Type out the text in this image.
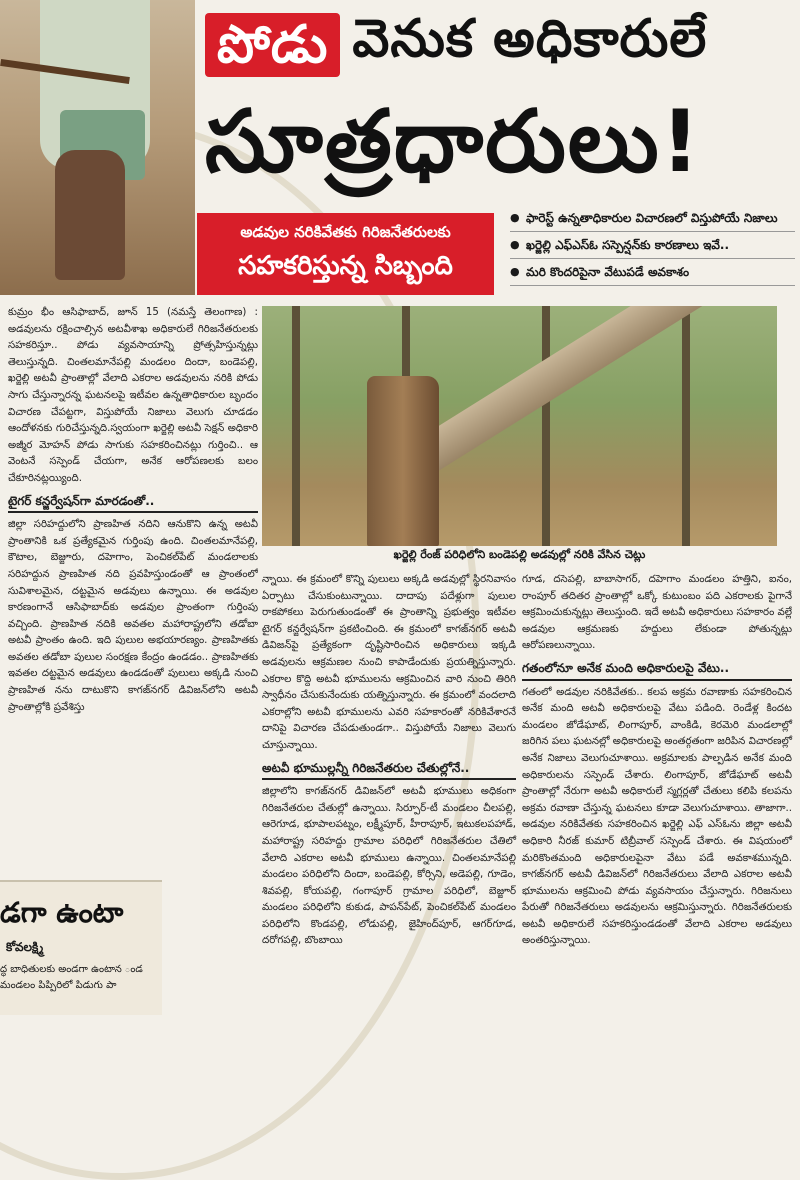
పోడు వెనుక అధికారులే
సూత్రధారులు!
అడవుల నరికివేతకు గిరిజనేతరులకు
సహకరిస్తున్న సిబ్బంది
● ఫారెస్ట్ ఉన్నతాధికారుల విచారణలో విస్తుపోయే నిజాలు
● ఖర్జెల్లి ఎఫ్ఎస్ఓ సస్పెన్షన్‌కు కారణాలు ఇవే..
● మరి కొందరిపైనా వేటుపడే అవకాశం
కుమ్రం భీం ఆసిఫాబాద్, జూన్ 15 (నమస్తే తెలంగాణ) : అడవులను రక్షించాల్సిన అటవీశాఖ అధికారులే గిరిజనేతరులకు సహకరిస్తూ.. పోడు వ్యవసాయాన్ని ప్రోత్సహిస్తున్నట్లు తెలుస్తున్నది. చింతలమానేపల్లి మండలం దిందా, బండెపల్లి, ఖర్జెల్లి అటవీ ప్రాంతాల్లో వేలాది ఎకరాల అడవులను నరికి పోడు సాగు చేస్తున్నారన్న ఘటనలపై ఇటీవల ఉన్నతాధికారుల బృందం విచారణ చేపట్టగా, విస్తుపోయే నిజాలు వెలుగు చూడడం ఆందోళనకు గురిచేస్తున్నది.స్వయంగా ఖర్జెల్లి అటవీ సెక్షన్ అధికారి అజ్మీర మోహన్ పోడు సాగుకు సహకరించినట్లు గుర్తించి.. ఆ వెంటనే సస్పెండ్ చేయగా, అనేక ఆరోపణలకు బలం చేకూరినట్లయ్యింది.
టైగర్ కన్జర్వేషన్‌గా మారడంతో..
జిల్లా సరిహద్దులోని ప్రాణహిత నదిని ఆనుకొని ఉన్న అటవీ ప్రాంతానికి ఒక ప్రత్యేకమైన గుర్తింపు ఉంది. చింతలమానేపల్లి, కౌటాల, బెజ్జూరు, దహెగాం, పెంచికల్‌పేట్ మండలాలకు సరిహద్దున ప్రాణహిత నది ప్రవహిస్తుండంతో ఆ ప్రాంతంలో సువిశాలమైన, దట్టమైన అడవులు ఉన్నాయి. ఈ అడవుల కారణంగానే ఆసిఫాబాద్‌కు అడవుల ప్రాంతంగా గుర్తింపు వచ్చింది. ప్రాణహిత నదికి అవతల మహారాష్ట్రలోని తడోబా అటవీ ప్రాంతం ఉంది. ఇది పులుల అభయారణ్యం. ప్రాణహితకు అవతల తడోబా పులుల సంరక్షణ కేంద్రం ఉండడం.. ప్రాణహితకు ఇవతల దట్టమైన అడవులు ఉండడంతో పులులు అక్కడి నుంచి ప్రాణహిత నను దాటుకొని కాగజ్‌నగర్ డివిజన్‌లోని అటవీ ప్రాంతాల్లోకి ప్రవేశిస్తు
ఖర్జెల్లి రేంజ్ పరిధిలోని బండెపల్లి అడవుల్లో నరికి వేసిన చెట్లు
న్నాయి. ఈ క్రమంలో కొన్ని పులులు అక్కడి అడవుల్లో స్థిరనివాసం ఏర్పాటు చేసుకుంటున్నాయి. దాదాపు పదేళ్లుగా పులుల రాకపోకలు పెరుగుతుండంతో ఈ ప్రాంతాన్ని ప్రభుత్వం ఇటీవల టైగర్ కన్జర్వేషన్‌గా ప్రకటించింది. ఈ క్రమంలో కాగజ్‌నగర్ అటవీ డివిజన్‌పై ప్రత్యేకంగా దృష్టిసారించిన అధికారులు ఇక్కడి అడవులను ఆక్రమణల నుంచి కాపాడేందుకు ప్రయత్నిస్తున్నారు. ఎకరాల కొద్ది అటవీ భూములను ఆక్రమించిన వారి నుంచి తిరిగి స్వాధీనం చేసుకునేందుకు యత్నిస్తున్నారు. ఈ క్రమంలో వందలాది ఎకరాల్లోని అటవీ భూములను ఎవరి సహకారంతో నరికివేశారనే దానిపై విచారణ చేపడుతుండగా.. విస్తుపోయే నిజాలు వెలుగు చూస్తున్నాయి.
అటవీ భూముల్లన్నీ గిరిజనేతరుల చేతుల్లోనే..
జిల్లాలోని కాగజ్‌నగర్ డివిజన్‌లో అటవీ భూములు అధికంగా గిరిజనేతరుల చేతుల్లో ఉన్నాయి. సిర్పూర్-టీ మండలం చీలపల్లి, ఆరెగూడ, భూపాలపట్నం, లక్ష్మీపూర్, హీరాపూర్, ఇటుకలపహాడ్, మహారాష్ట్ర సరిహద్దు గ్రామాల పరిధిలో గిరిజనేతరుల చేతిలో వేలాది ఎకరాల అటవీ భూములు ఉన్నాయి. చింతలమానేపల్లి మండలం పరిధిలోని దిందా, బండెపల్లి, కోర్సిని, అడెపల్లి, గూడెం, శివపల్లి, కోయపల్లి, గంగాపూర్ గ్రామాల పరిధిలో, బెజ్జూర్ మండలం పరిధిలోని కుకుడ, పాపన్‌పేట్, పెంచికల్‌పేట్ మండలం పరిధిలోని కొండపల్లి, లోడుపల్లి, జైహింద్‌పూర్, ఆగర్‌గూడ, దరోగపల్లి, బొంబాయి
గూడ, దసెపల్లి, బాబాసాగర్, దహెగాం మండలం హత్తిని, ఐనం, రాంపూర్ తదితర ప్రాంతాల్లో ఒక్కో కుటుంబం పది ఎకరాలకు పైగానే ఆక్రమించుకున్నట్లు తెలుస్తుంది. ఇదే అటవీ అధికారులు సహకారం వల్లే అడవుల ఆక్రమణకు హద్దులు లేకుండా పోతున్నట్లు ఆరోపణలున్నాయి.
గతంలోనూ అనేక మంది అధికారులపై వేటు..
గతంలో అడవుల నరికివేతకు.. కలప అక్రమ రవాణాకు సహకరించిన అనేక మంది అటవీ అధికారులపై వేటు పడింది. రెండేళ్ల కిందట మండలం జోడేఘాట్, లింగాపూర్, వాంకిడి, కెరమెరి మండలాల్లో జరిగిన పలు ఘటనల్లో అధికారులపై అంతర్గతంగా జరిపిన విచారణల్లో అనేక నిజాలు వెలుగుచూశాయి. అక్రమాలకు పాల్పడిన అనేక మంది అధికారులను సస్పెండ్ చేశారు. లింగాపూర్, జోడేఘాట్ అటవీ ప్రాంతాల్లో నేరుగా అటవీ అధికారులే స్మగ్లర్లతో చేతులు కలిపి కలపను అక్రమ రవాణా చేస్తున్న ఘటనలు కూడా వెలుగుచూశాయి. తాజాగా.. అడవుల నరికివేతకు సహకరించిన ఖర్జెల్లి ఎఫ్ ఎస్ఓను జిల్లా అటవీ అధికారి నీరజ్ కుమార్ టిబ్రీవాల్ సస్పెండ్ చేశారు. ఈ విషయంలో మరికొంతమంది అధికారులపైనా వేటు పడే అవకాశమున్నది. కాగజ్‌నగర్ అటవీ డివిజన్‌లో గిరిజనేతరులు వేలాది ఎకరాల అటవీ భూములను ఆక్రమించి పోడు వ్యవసాయం చేస్తున్నారు. గిరిజనులు పేరుతో గిరిజనేతరులు అడవులను ఆక్రమిస్తున్నారు. గిరిజనేతరులకు అటవీ అధికారులే సహకరిస్తుండడంతో వేలాది ఎకరాల అడవులు అంతరిస్తున్నాయి.
డగా ఉంటా
కోవలక్ష్మి
ద్ధ బాధితులకు అండగా ఉంటాన ండ మండలం పిప్పిరిలో పిడుగు పా
